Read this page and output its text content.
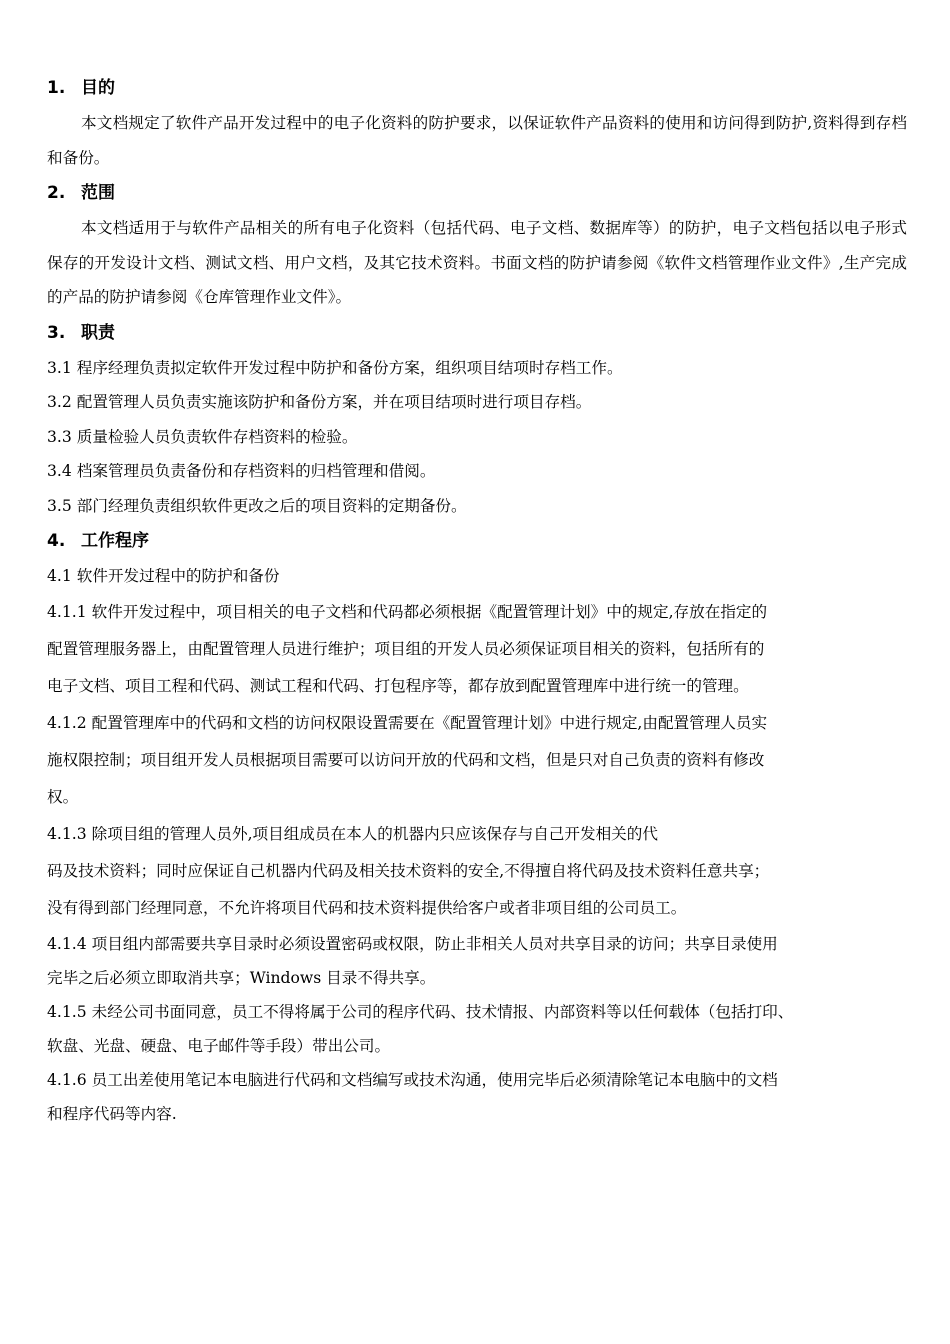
1. 目的
本文档规定了软件产品开发过程中的电子化资料的防护要求，以保证软件产品资料的使用和访问得到防护,资料得到存档和备份。
2. 范围
本文档适用于与软件产品相关的所有电子化资料（包括代码、电子文档、数据库等）的防护，电子文档包括以电子形式保存的开发设计文档、测试文档、用户文档，及其它技术资料。书面文档的防护请参阅《软件文档管理作业文件》,生产完成的产品的防护请参阅《仓库管理作业文件》。
3. 职责
3.1 程序经理负责拟定软件开发过程中防护和备份方案，组织项目结项时存档工作。
3.2 配置管理人员负责实施该防护和备份方案，并在项目结项时进行项目存档。
3.3 质量检验人员负责软件存档资料的检验。
3.4 档案管理员负责备份和存档资料的归档管理和借阅。
3.5 部门经理负责组织软件更改之后的项目资料的定期备份。
4. 工作程序
4.1 软件开发过程中的防护和备份
4.1.1 软件开发过程中，项目相关的电子文档和代码都必须根据《配置管理计划》中的规定,存放在指定的
配置管理服务器上，由配置管理人员进行维护；项目组的开发人员必须保证项目相关的资料，包括所有的
电子文档、项目工程和代码、测试工程和代码、打包程序等，都存放到配置管理库中进行统一的管理。
4.1.2 配置管理库中的代码和文档的访问权限设置需要在《配置管理计划》中进行规定,由配置管理人员实
施权限控制；项目组开发人员根据项目需要可以访问开放的代码和文档，但是只对自己负责的资料有修改
权。
4.1.3 除项目组的管理人员外,项目组成员在本人的机器内只应该保存与自己开发相关的代
码及技术资料；同时应保证自己机器内代码及相关技术资料的安全,不得擅自将代码及技术资料任意共享；
没有得到部门经理同意，不允许将项目代码和技术资料提供给客户或者非项目组的公司员工。
4.1.4 项目组内部需要共享目录时必须设置密码或权限，防止非相关人员对共享目录的访问；共享目录使用
完毕之后必须立即取消共享；Windows 目录不得共享。
4.1.5 未经公司书面同意，员工不得将属于公司的程序代码、技术情报、内部资料等以任何载体（包括打印、
软盘、光盘、硬盘、电子邮件等手段）带出公司。
4.1.6 员工出差使用笔记本电脑进行代码和文档编写或技术沟通，使用完毕后必须清除笔记本电脑中的文档
和程序代码等内容.
